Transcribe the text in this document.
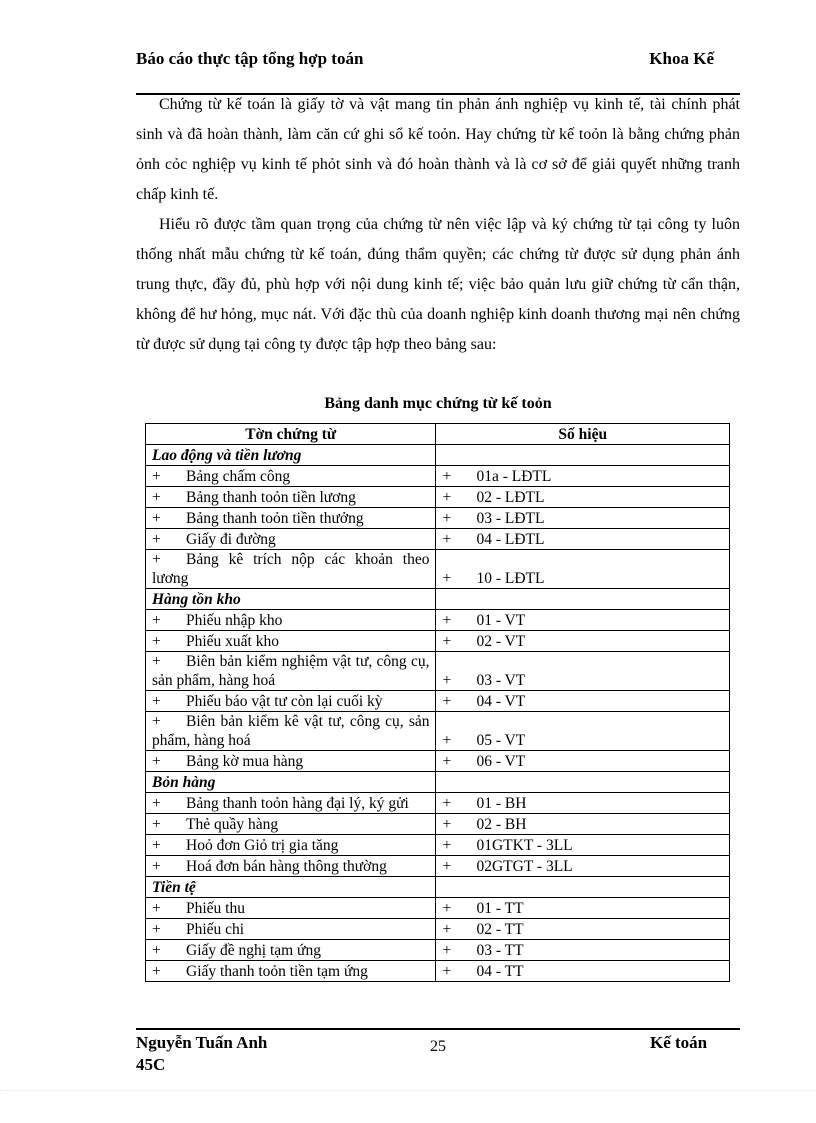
Báo cáo thực tập tổng hợp toán	Khoa Kế
Chứng từ kế toán là giấy tờ và vật mang tin phản ánh nghiệp vụ kinh tế, tài chính phát sinh và đã hoàn thành, làm căn cứ ghi sổ kế toỏn. Hay chứng từ kế toỏn là bằng chứng phản ỏnh cỏc nghiệp vụ kinh tế phỏt sinh và đó hoàn thành và là cơ sở để giải quyết những tranh chấp kinh tế.
Hiểu rõ được tầm quan trọng của chứng từ nên việc lập và ký chứng từ tại công ty luôn thống nhất mẫu chứng từ kế toán, đúng thẩm quyền; các chứng từ được sử dụng phản ánh trung thực, đầy đủ, phù hợp với nội dung kinh tế; việc bảo quản lưu giữ chứng từ cẩn thận, không để hư hỏng, mục nát. Với đặc thù của doanh nghiệp kinh doanh thương mại nên chứng từ được sử dụng tại công ty được tập hợp theo bảng sau:
Bảng danh mục chứng từ kế toỏn
Tờn chứng từ	Số hiệu
Lao động và tiền lương	
+ Bảng chấm công	+ 01a - LĐTL
+ Bảng thanh toỏn tiền lương	+ 02 - LĐTL
+ Bảng thanh toỏn tiền thưởng	+ 03 - LĐTL
+ Giấy đi đường	+ 04 - LĐTL
+ Bảng kê trích nộp các khoản theo lương	+ 10 - LĐTL
Hàng tồn kho	
+ Phiếu nhập kho	+ 01 - VT
+ Phiếu xuất kho	+ 02 - VT
+ Biên bản kiểm nghiệm vật tư, công cụ, sản phẩm, hàng hoá	+ 03 - VT
+ Phiếu báo vật tư còn lại cuối kỳ	+ 04 - VT
+ Biên bản kiểm kê vật tư, công cụ, sản phẩm, hàng hoá	+ 05 - VT
+ Bảng kờ mua hàng	+ 06 - VT
Bỏn hàng	
+ Bảng thanh toỏn hàng đại lý, ký gửi	+ 01 - BH
+ Thẻ quầy hàng	+ 02 - BH
+ Hoỏ đơn Giỏ trị gia tăng	+ 01GTKT - 3LL
+ Hoá đơn bán hàng thông thường	+ 02GTGT - 3LL
Tiền tệ	
+ Phiếu thu	+ 01 - TT
+ Phiếu chi	+ 02 - TT
+ Giấy đề nghị tạm ứng	+ 03 - TT
+ Giấy thanh toỏn tiền tạm ứng	+ 04 - TT
Nguyễn Tuấn Anh 45C
25	Kế toán
